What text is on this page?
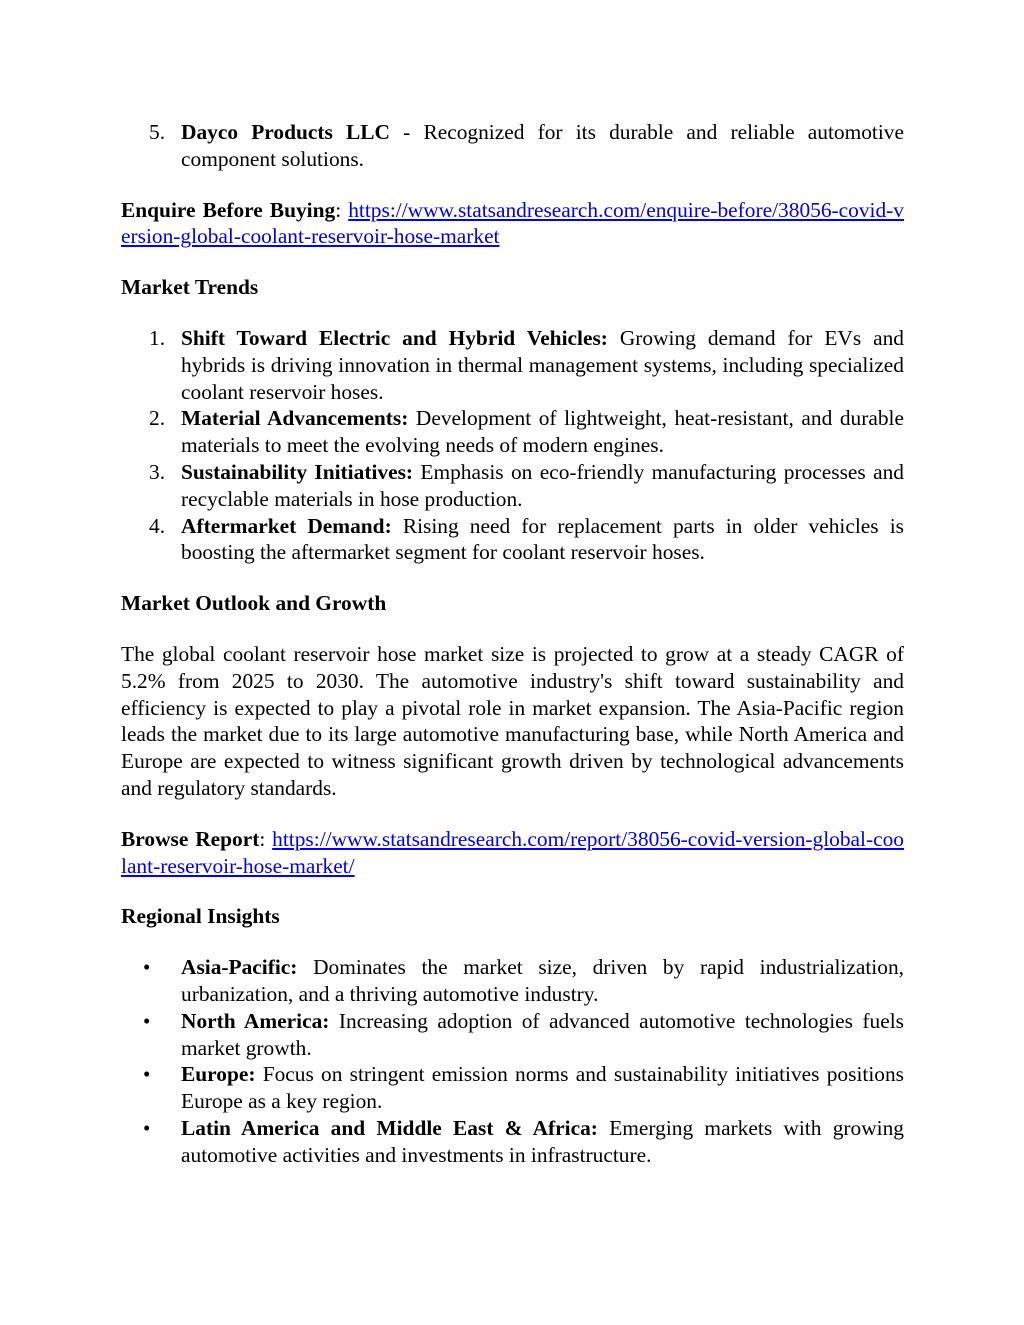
5. Dayco Products LLC - Recognized for its durable and reliable automotive component solutions.

Enquire Before Buying: https://www.statsandresearch.com/enquire-before/38056-covid-version-global-coolant-reservoir-hose-market

Market Trends

1. Shift Toward Electric and Hybrid Vehicles: Growing demand for EVs and hybrids is driving innovation in thermal management systems, including specialized coolant reservoir hoses.
2. Material Advancements: Development of lightweight, heat-resistant, and durable materials to meet the evolving needs of modern engines.
3. Sustainability Initiatives: Emphasis on eco-friendly manufacturing processes and recyclable materials in hose production.
4. Aftermarket Demand: Rising need for replacement parts in older vehicles is boosting the aftermarket segment for coolant reservoir hoses.

Market Outlook and Growth

The global coolant reservoir hose market size is projected to grow at a steady CAGR of 5.2% from 2025 to 2030. The automotive industry's shift toward sustainability and efficiency is expected to play a pivotal role in market expansion. The Asia-Pacific region leads the market due to its large automotive manufacturing base, while North America and Europe are expected to witness significant growth driven by technological advancements and regulatory standards.

Browse Report: https://www.statsandresearch.com/report/38056-covid-version-global-coolant-reservoir-hose-market/

Regional Insights

• Asia-Pacific: Dominates the market size, driven by rapid industrialization, urbanization, and a thriving automotive industry.
• North America: Increasing adoption of advanced automotive technologies fuels market growth.
• Europe: Focus on stringent emission norms and sustainability initiatives positions Europe as a key region.
• Latin America and Middle East & Africa: Emerging markets with growing automotive activities and investments in infrastructure.
